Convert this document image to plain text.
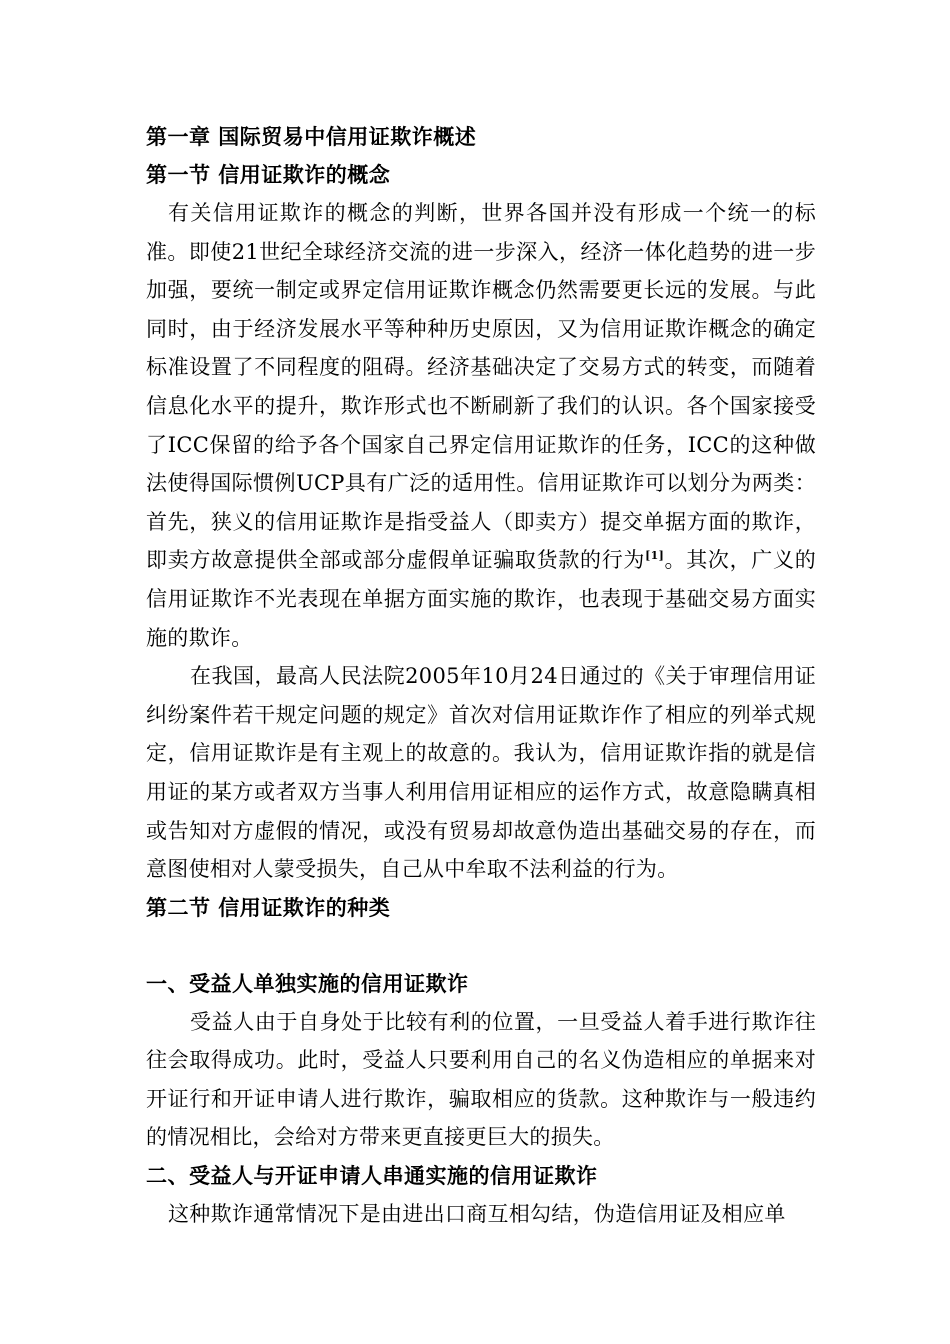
第一章 国际贸易中信用证欺诈概述
第一节 信用证欺诈的概念

有关信用证欺诈的概念的判断，世界各国并没有形成一个统一的标准。即使21世纪全球经济交流的进一步深入，经济一体化趋势的进一步加强，要统一制定或界定信用证欺诈概念仍然需要更长远的发展。与此同时，由于经济发展水平等种种历史原因，又为信用证欺诈概念的确定标准设置了不同程度的阻碍。经济基础决定了交易方式的转变，而随着信息化水平的提升，欺诈形式也不断刷新了我们的认识。各个国家接受了ICC保留的给予各个国家自己界定信用证欺诈的任务，ICC的这种做法使得国际惯例UCP具有广泛的适用性。信用证欺诈可以划分为两类：首先，狭义的信用证欺诈是指受益人（即卖方）提交单据方面的欺诈，即卖方故意提供全部或部分虚假单证骗取货款的行为[1]。其次，广义的信用证欺诈不光表现在单据方面实施的欺诈，也表现于基础交易方面实施的欺诈。

在我国，最高人民法院2005年10月24日通过的《关于审理信用证纠纷案件若干规定问题的规定》首次对信用证欺诈作了相应的列举式规定，信用证欺诈是有主观上的故意的。我认为，信用证欺诈指的就是信用证的某方或者双方当事人利用信用证相应的运作方式，故意隐瞒真相或告知对方虚假的情况，或没有贸易却故意伪造出基础交易的存在，而意图使相对人蒙受损失，自己从中牟取不法利益的行为。

第二节 信用证欺诈的种类
一、受益人单独实施的信用证欺诈

受益人由于自身处于比较有利的位置，一旦受益人着手进行欺诈往往会取得成功。此时，受益人只要利用自己的名义伪造相应的单据来对开证行和开证申请人进行欺诈，骗取相应的货款。这种欺诈与一般违约的情况相比，会给对方带来更直接更巨大的损失。

二、受益人与开证申请人串通实施的信用证欺诈

这种欺诈通常情况下是由进出口商互相勾结，伪造信用证及相应单
